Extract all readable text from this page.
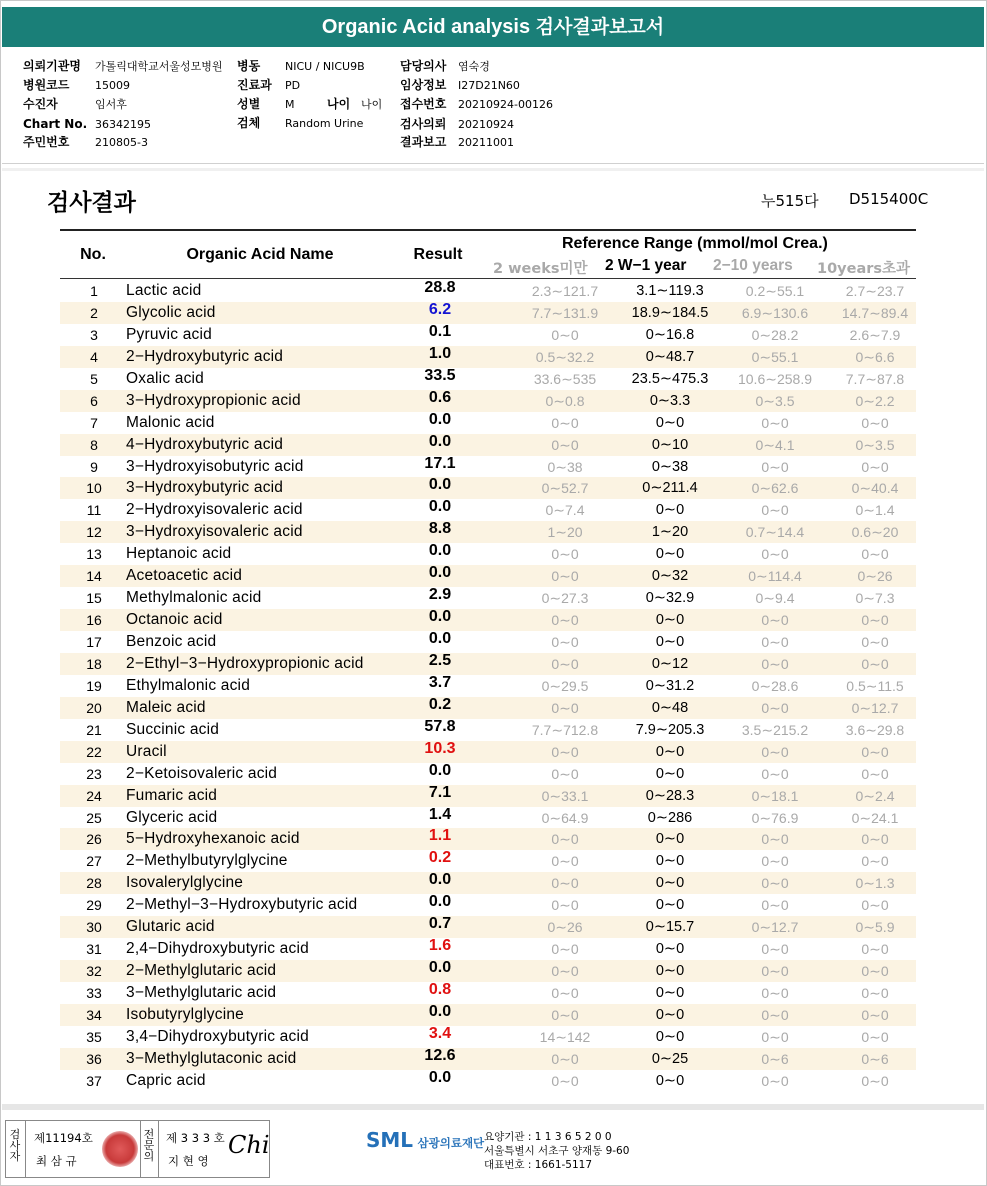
Organic Acid analysis 검사결과보고서
의뢰기관명 가톨릭대학교서울성모병원
병원코드 15009
수진자	임서후
Chart No. 36342195
주민번호 210805-3
병동 NICU / NICU9B
진료과 PD
성별 M	나이 나이
검체 Random Urine
담당의사 염숙경
임상정보 I27D21N60
접수번호 20210924-00126
검사의뢰 20210924
결과보고 20211001
검사결과	누515다 D515400C
No.	Organic Acid Name	Result
Reference Range (mmol/mol Crea.)
2 weeks미만 2 W−1 year 2−10 years 10years초과
1	Lactic acid	28.8	2.3∼121.7	3.1∼119.3	0.2∼55.1	2.7∼23.7
2	Glycolic acid	6.2	7.7∼131.9	18.9∼184.5	6.9∼130.6	14.7∼89.4
3	Pyruvic acid	0.1	0∼0	0∼16.8	0∼28.2	2.6∼7.9
4	2−Hydroxybutyric acid	1.0	0.5∼32.2	0∼48.7	0∼55.1	0∼6.6
5	Oxalic acid	33.5	33.6∼535	23.5∼475.3	10.6∼258.9	7.7∼87.8
6	3−Hydroxypropionic acid	0.6	0∼0.8	0∼3.3	0∼3.5	0∼2.2
7	Malonic acid	0.0	0∼0	0∼0	0∼0	0∼0
8	4−Hydroxybutyric acid	0.0	0∼0	0∼10	0∼4.1	0∼3.5
9	3−Hydroxyisobutyric acid	17.1	0∼38	0∼38	0∼0	0∼0
10	3−Hydroxybutyric acid	0.0	0∼52.7	0∼211.4	0∼62.6	0∼40.4
11	2−Hydroxyisovaleric acid	0.0	0∼7.4	0∼0	0∼0	0∼1.4
12	3−Hydroxyisovaleric acid	8.8	1∼20	1∼20	0.7∼14.4	0.6∼20
13	Heptanoic acid	0.0	0∼0	0∼0	0∼0	0∼0
14	Acetoacetic acid	0.0	0∼0	0∼32	0∼114.4	0∼26
15	Methylmalonic acid	2.9	0∼27.3	0∼32.9	0∼9.4	0∼7.3
16	Octanoic acid	0.0	0∼0	0∼0	0∼0	0∼0
17	Benzoic acid	0.0	0∼0	0∼0	0∼0	0∼0
18	2−Ethyl−3−Hydroxypropionic acid	2.5	0∼0	0∼12	0∼0	0∼0
19	Ethylmalonic acid	3.7	0∼29.5	0∼31.2	0∼28.6	0.5∼11.5
20	Maleic acid	0.2	0∼0	0∼48	0∼0	0∼12.7
21	Succinic acid	57.8	7.7∼712.8	7.9∼205.3	3.5∼215.2	3.6∼29.8
22	Uracil	10.3	0∼0	0∼0	0∼0	0∼0
23	2−Ketoisovaleric acid	0.0	0∼0	0∼0	0∼0	0∼0
24	Fumaric acid	7.1	0∼33.1	0∼28.3	0∼18.1	0∼2.4
25	Glyceric acid	1.4	0∼64.9	0∼286	0∼76.9	0∼24.1
26	5−Hydroxyhexanoic acid	1.1	0∼0	0∼0	0∼0	0∼0
27	2−Methylbutyrylglycine	0.2	0∼0	0∼0	0∼0	0∼0
28	Isovalerylglycine	0.0	0∼0	0∼0	0∼0	0∼1.3
29	2−Methyl−3−Hydroxybutyric acid	0.0	0∼0	0∼0	0∼0	0∼0
30	Glutaric acid	0.7	0∼26	0∼15.7	0∼12.7	0∼5.9
31	2,4−Dihydroxybutyric acid	1.6	0∼0	0∼0	0∼0	0∼0
32	2−Methylglutaric acid	0.0	0∼0	0∼0	0∼0	0∼0
33	3−Methylglutaric acid	0.8	0∼0	0∼0	0∼0	0∼0
34	Isobutyrylglycine	0.0	0∼0	0∼0	0∼0	0∼0
35	3,4−Dihydroxybutyric acid	3.4	14∼142	0∼0	0∼0	0∼0
36	3−Methylglutaconic acid	12.6	0∼0	0∼25	0∼6	0∼6
37	Capric acid	0.0	0∼0	0∼0	0∼0	0∼0
검
사
자
제11194호
최 삼 규
전
문
의
제 3 3 3 호
지 현 영
Chi	SML 삼광의료재단 요양기관 : 1 1 3 6 5 2 0 0
서울특별시 서초구 양재동 9-60
대표번호 : 1661-5117
